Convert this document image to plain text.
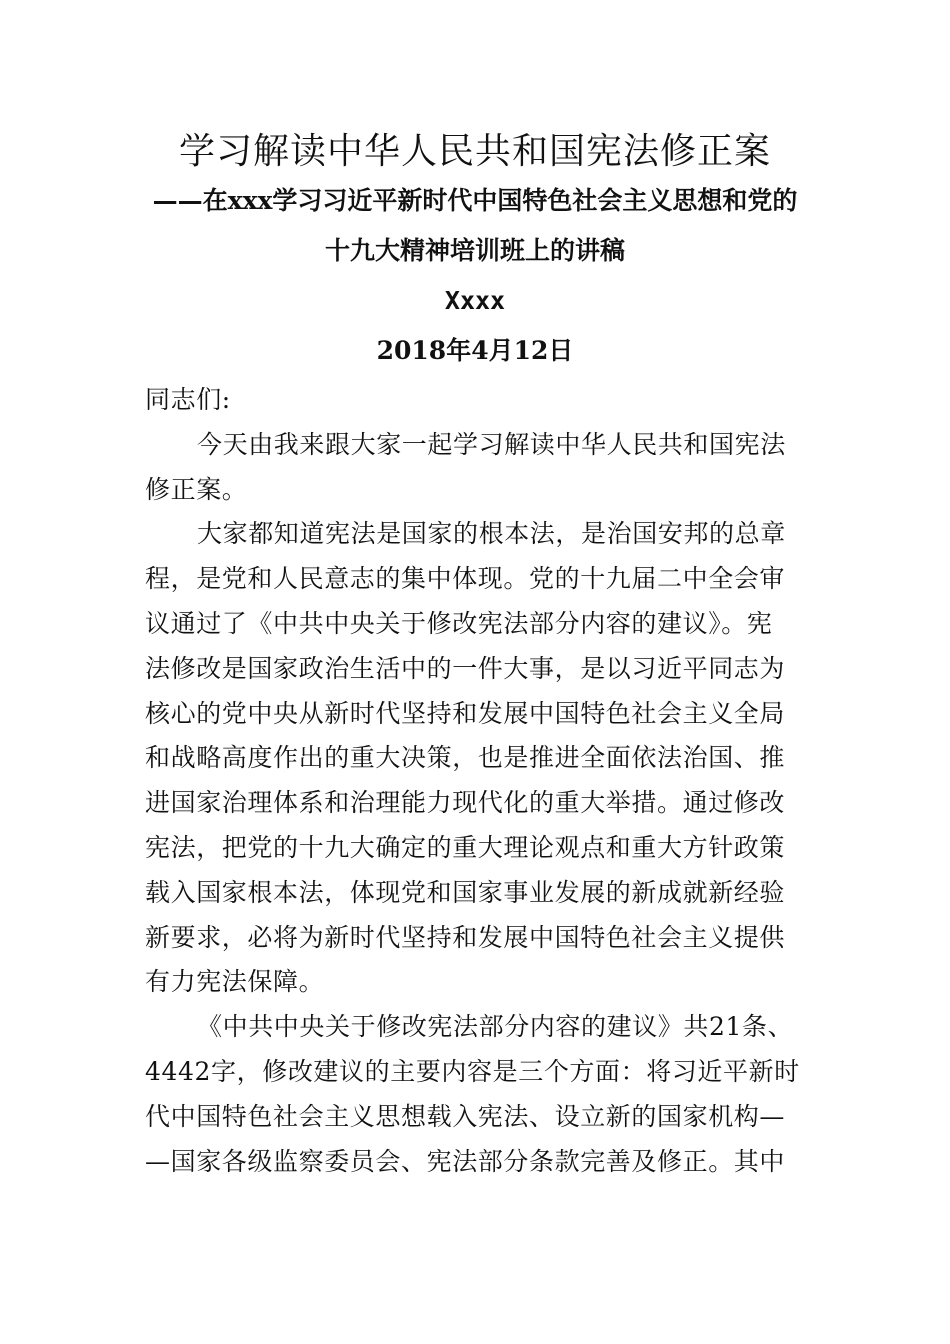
学习解读中华人民共和国宪法修正案
——在xxx学习习近平新时代中国特色社会主义思想和党的
十九大精神培训班上的讲稿
Xxxx
2018年4月12日
同志们:
今天由我来跟大家一起学习解读中华人民共和国宪法
修正案。
大家都知道宪法是国家的根本法，是治国安邦的总章
程，是党和人民意志的集中体现。党的十九届二中全会审
议通过了《中共中央关于修改宪法部分内容的建议》。宪
法修改是国家政治生活中的一件大事，是以习近平同志为
核心的党中央从新时代坚持和发展中国特色社会主义全局
和战略高度作出的重大决策，也是推进全面依法治国、推
进国家治理体系和治理能力现代化的重大举措。通过修改
宪法，把党的十九大确定的重大理论观点和重大方针政策
载入国家根本法，体现党和国家事业发展的新成就新经验
新要求，必将为新时代坚持和发展中国特色社会主义提供
有力宪法保障。
《中共中央关于修改宪法部分内容的建议》共21条、
4442字，修改建议的主要内容是三个方面：将习近平新时
代中国特色社会主义思想载入宪法、设立新的国家机构—
—国家各级监察委员会、宪法部分条款完善及修正。其中
